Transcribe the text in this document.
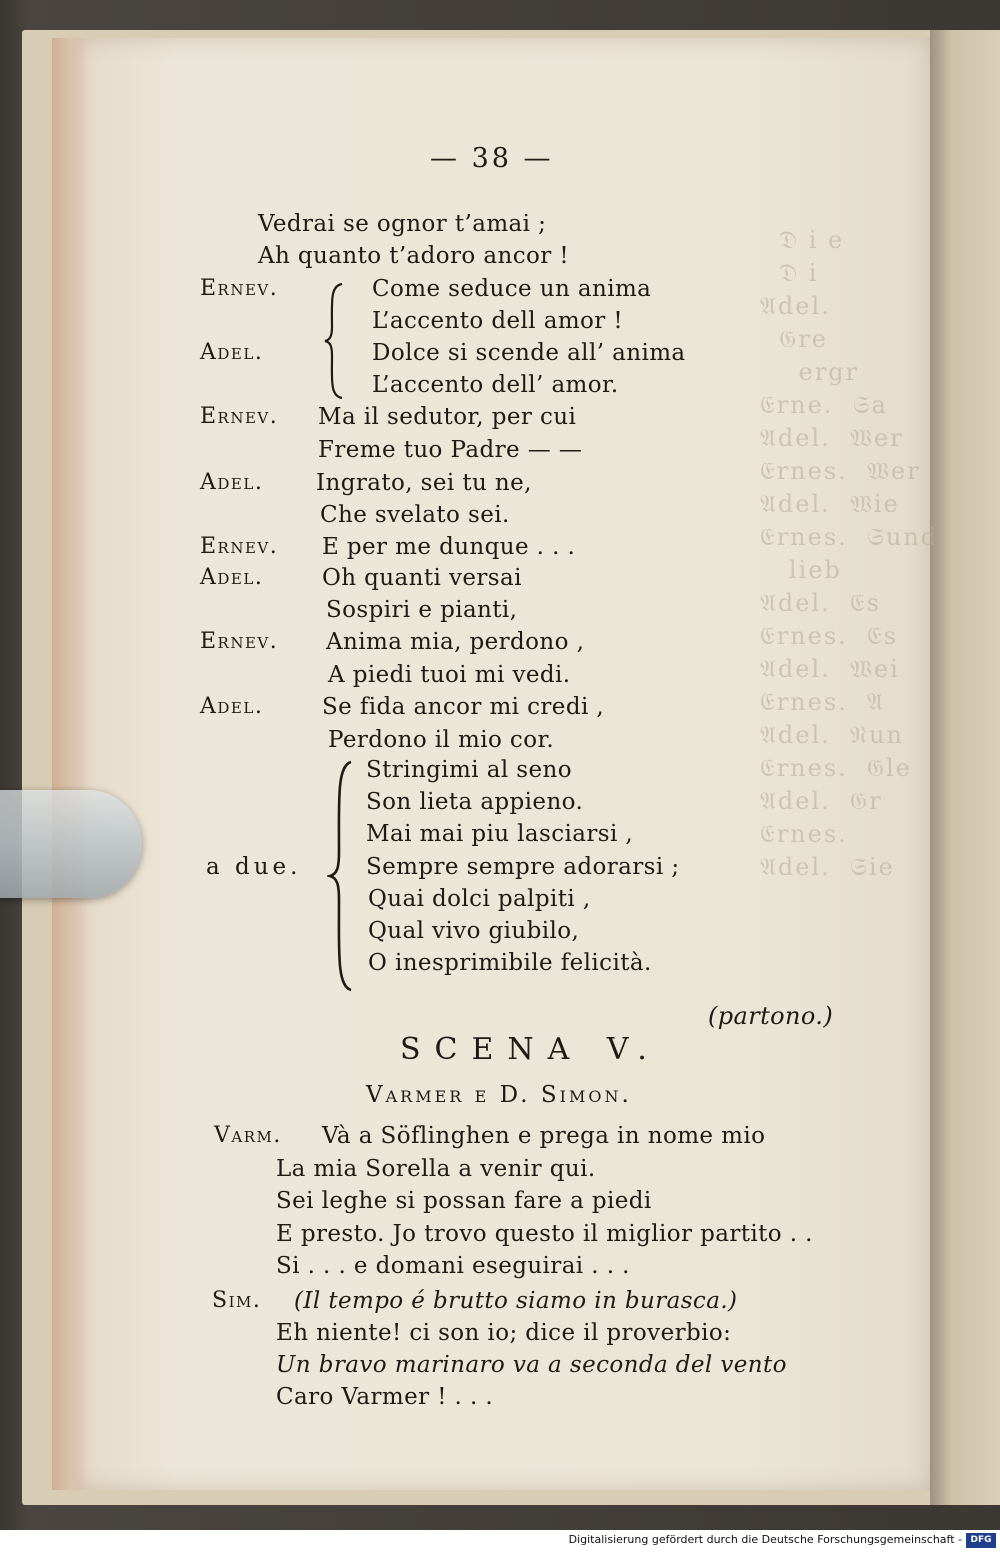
𝔇 i e
𝔇 i
𝔄del.
𝔊re
ergr
𝔈rne.  𝔖a
𝔄del.  𝔚er
𝔈rnes.  𝔚er
𝔄del.  𝔚ie
𝔈rnes.  𝔖und
lieb
𝔄del.  𝔈s
𝔈rnes.  𝔈s
𝔄del.  𝔚ei
𝔈rnes.  𝔄
𝔄del.  𝔑un
𝔈rnes.  𝔊le
𝔄del.  𝔊r
𝔈rnes.
𝔄del.  𝔖ie
— 38 —
Vedrai se ognor t’amai ;
Ah quanto t’adoro ancor !
Ernev.	Come seduce un anima
L’accento dell amor !
Adel.	Dolce si scende all’ anima
L’accento dell’ amor.
Ernev. Ma il sedutor, per cui
Freme tuo Padre — —
Adel. Ingrato, sei tu ne,
Che svelato sei.
Ernev. E per me dunque . . .
Adel.	Oh quanti versai
Sospiri e pianti,
Ernev. Anima mia, perdono ,
A piedi tuoi mi vedi.
Adel.	Se fida ancor mi credi ,
Perdono il mio cor.
a due.
Stringimi al seno
Son lieta appieno.
Mai mai piu lasciarsi ,
Sempre sempre adorarsi ;
Quai dolci palpiti ,
Qual vivo giubilo,
O inesprimibile felicità.
(partono.)
SCENA V.
Varmer e D. Simon.
Varm. Và a Söflinghen e prega in nome mio
La mia Sorella a venir qui.
Sei leghe si possan fare a piedi
E presto. Jo trovo questo il miglior partito . .
Si . . . e domani eseguirai . . .
Sim. (Il tempo é brutto siamo in burasca.)
Eh niente! ci son io; dice il proverbio:
Un bravo marinaro va a seconda del vento
Caro Varmer ! . . .
Digitalisierung gefördert durch die Deutsche Forschungsgemeinschaft - DFG
